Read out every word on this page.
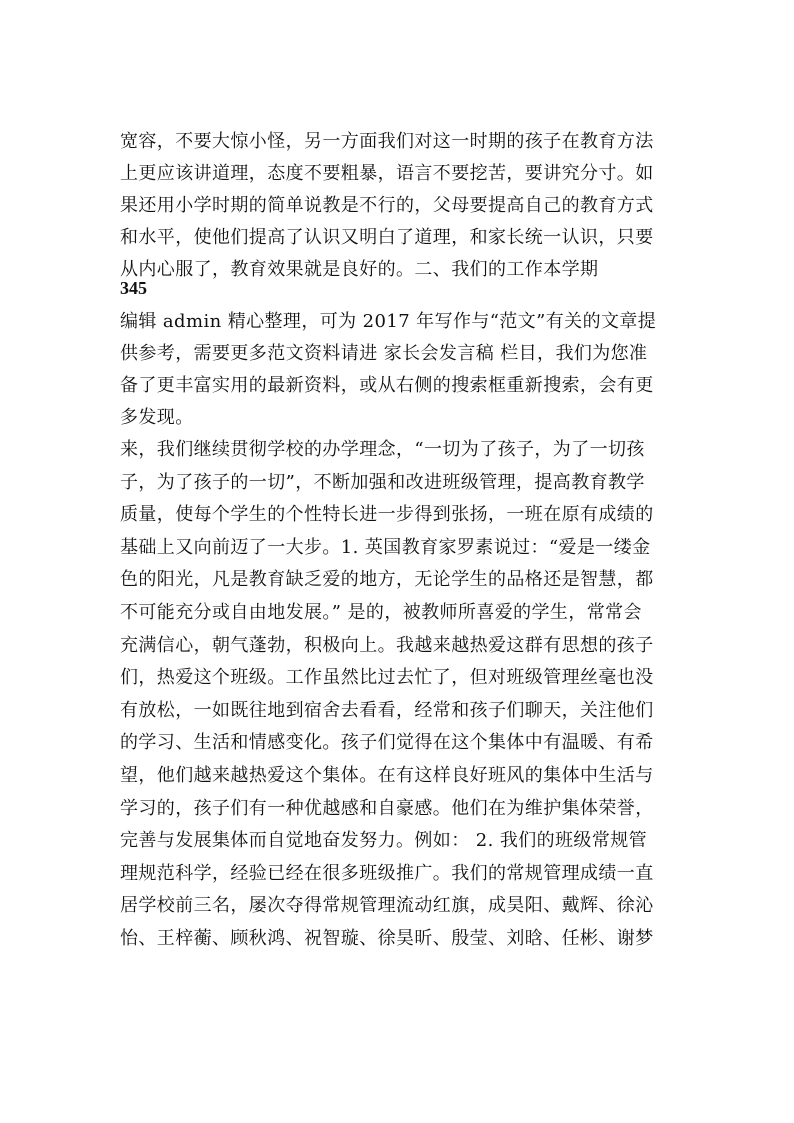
宽容，不要大惊小怪，另一方面我们对这一时期的孩子在教育方法
上更应该讲道理，态度不要粗暴，语言不要挖苦，要讲究分寸。如
果还用小学时期的简单说教是不行的，父母要提高自己的教育方式
和水平，使他们提高了认识又明白了道理，和家长统一认识，只要
从内心服了，教育效果就是良好的。二、我们的工作本学期
345
编辑 admin 精心整理，可为 2017 年写作与“范文”有关的文章提
供参考，需要更多范文资料请进 家长会发言稿 栏目，我们为您准
备了更丰富实用的最新资料，或从右侧的搜索框重新搜索，会有更
多发现。
来，我们继续贯彻学校的办学理念，“一切为了孩子，为了一切孩
子，为了孩子的一切”，不断加强和改进班级管理，提高教育教学
质量，使每个学生的个性特长进一步得到张扬，一班在原有成绩的
基础上又向前迈了一大步。1. 英国教育家罗素说过：“爱是一缕金
色的阳光，凡是教育缺乏爱的地方，无论学生的品格还是智慧，都
不可能充分或自由地发展。” 是的，被教师所喜爱的学生，常常会
充满信心，朝气蓬勃，积极向上。我越来越热爱这群有思想的孩子
们，热爱这个班级。工作虽然比过去忙了，但对班级管理丝毫也没
有放松，一如既往地到宿舍去看看，经常和孩子们聊天，关注他们
的学习、生活和情感变化。孩子们觉得在这个集体中有温暖、有希
望，他们越来越热爱这个集体。在有这样良好班风的集体中生活与
学习的，孩子们有一种优越感和自豪感。他们在为维护集体荣誉，
完善与发展集体而自觉地奋发努力。例如： 2. 我们的班级常规管
理规范科学，经验已经在很多班级推广。我们的常规管理成绩一直
居学校前三名，屡次夺得常规管理流动红旗，成昊阳、戴辉、徐沁
怡、王梓蘅、顾秋鸿、祝智璇、徐昊昕、殷莹、刘晗、任彬、谢梦
